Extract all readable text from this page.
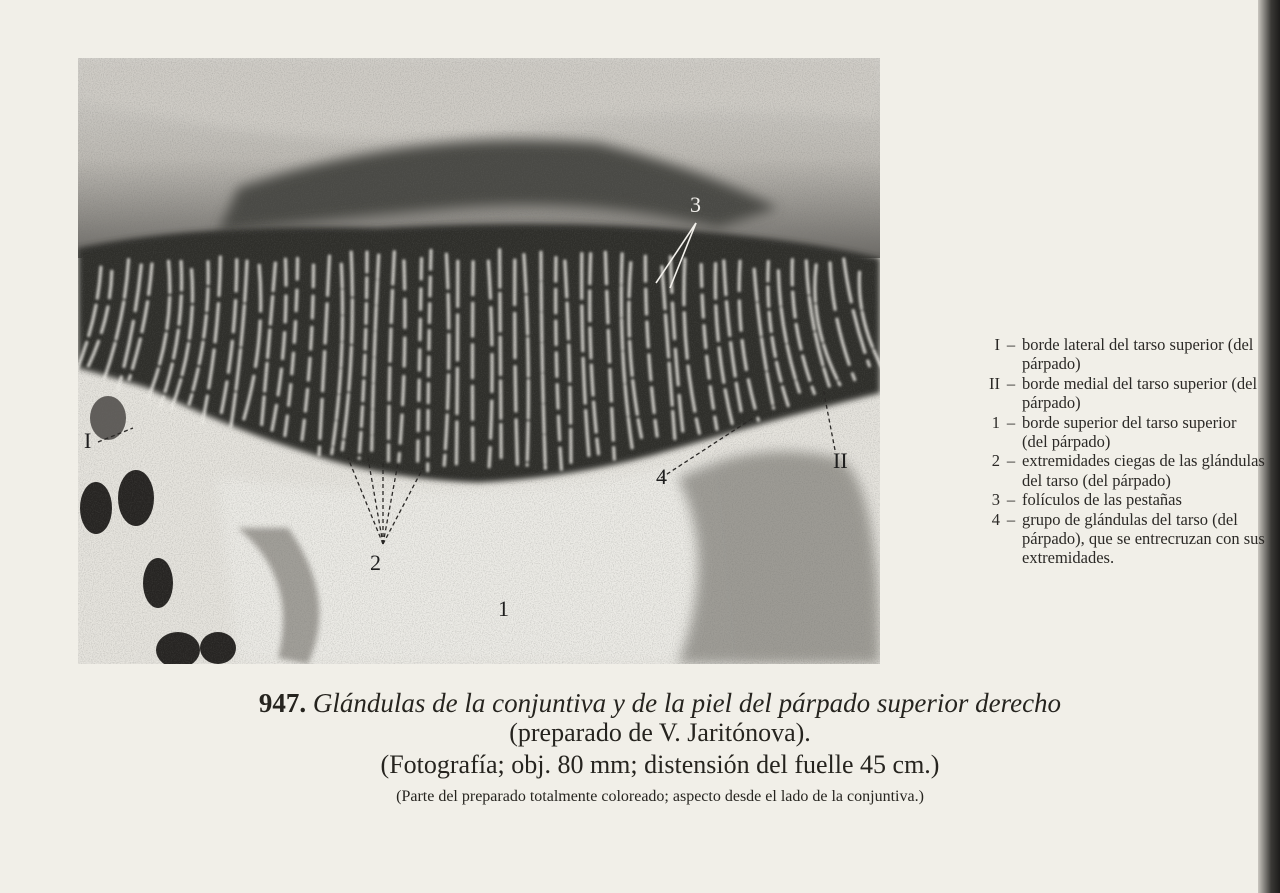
I
II
1
2
3
4
I – borde lateral del tarso superior (del párpado)
II – borde medial del tarso superior (del párpado)
1 – borde superior del tarso superior (del párpado)
2 – extremidades ciegas de las glándulas del tarso (del párpado)
3 – folículos de las pestañas
4 – grupo de glándulas del tarso (del párpado), que se entrecruzan con sus extremidades.
947. Glándulas de la conjuntiva y de la piel del párpado superior derecho
(preparado de V. Jaritónova).
(Fotografía; obj. 80 mm; distensión del fuelle 45 cm.)
(Parte del preparado totalmente coloreado; aspecto desde el lado de la conjuntiva.)
